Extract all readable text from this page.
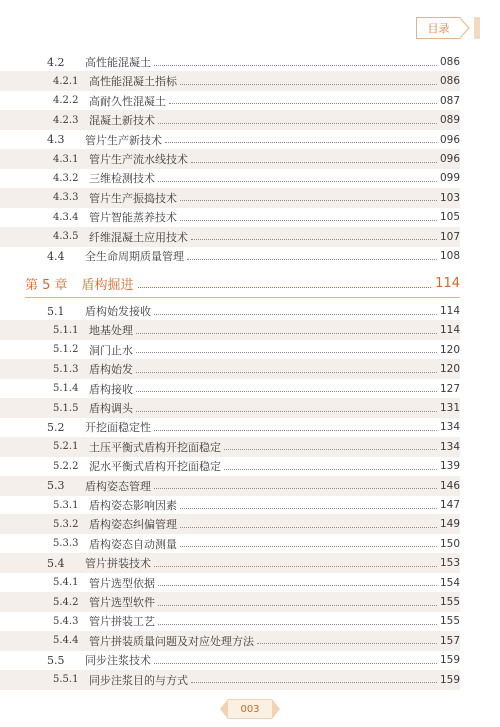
目录
4.2	高性能混凝土	086
4.2.1 高性能混凝土指标	086
4.2.2 高耐久性混凝土	087
4.2.3 混凝土新技术	089
4.3	管片生产新技术	096
4.3.1 管片生产流水线技术	096
4.3.2 三维检测技术	099
4.3.3 管片生产振捣技术	103
4.3.4 管片智能蒸养技术	105
4.3.5 纤维混凝土应用技术	107
4.4	全生命周期质量管理	108
第 5 章 盾构掘进	114
5.1	盾构始发接收	114
5.1.1 地基处理	114
5.1.2 洞门止水	120
5.1.3 盾构始发	120
5.1.4 盾构接收	127
5.1.5 盾构调头	131
5.2	开挖面稳定性	134
5.2.1 土压平衡式盾构开挖面稳定	134
5.2.2 泥水平衡式盾构开挖面稳定	139
5.3	盾构姿态管理	146
5.3.1 盾构姿态影响因素	147
5.3.2 盾构姿态纠偏管理	149
5.3.3 盾构姿态自动测量	150
5.4	管片拼装技术	153
5.4.1 管片选型依据	154
5.4.2 管片选型软件	155
5.4.3 管片拼装工艺	155
5.4.4 管片拼装质量问题及对应处理方法	157
5.5	同步注浆技术	159
5.5.1 同步注浆目的与方式	159
003
